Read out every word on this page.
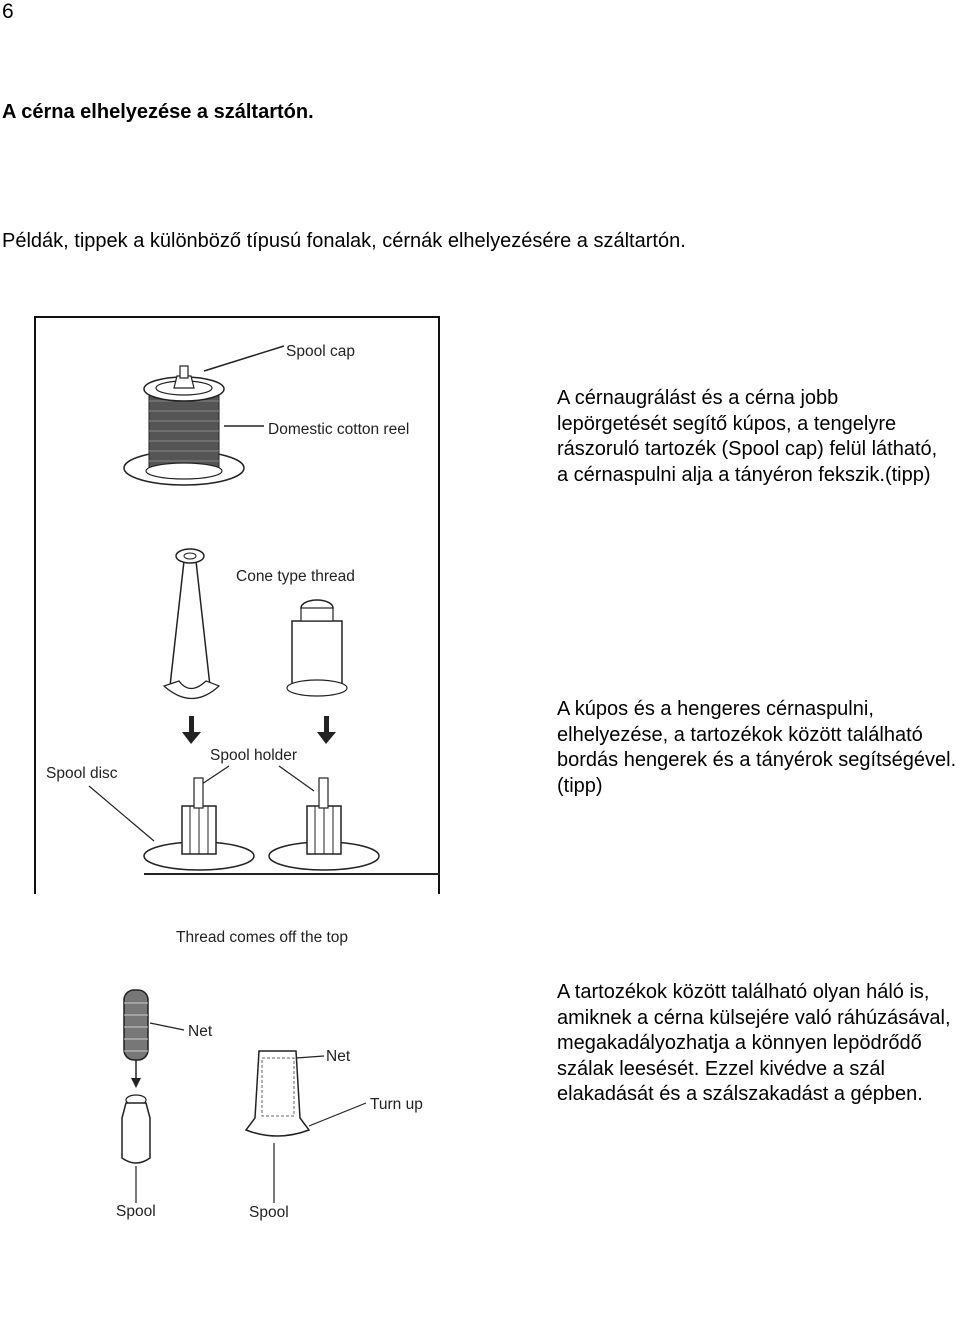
6
A cérna elhelyezése a száltartón.
Példák, tippek a különböző típusú fonalak, cérnák elhelyezésére a száltartón.
Spool cap
Domestic cotton reel
Cone type thread
Spool disc
Spool holder
Thread comes off the top
Net
Spool
Net
Turn up
Spool
A cérnaugrálást és a cérna jobb lepörgetését segítő kúpos, a tengelyre rászoruló tartozék (Spool cap) felül látható, a cérnaspulni alja a tányéron fekszik.(tipp)
A kúpos és a hengeres cérnaspulni, elhelyezése, a tartozékok között található bordás hengerek és a tányérok segítségével.(tipp)
A tartozékok között található olyan háló is, amiknek a cérna külsejére való ráhúzásával, megakadályozhatja a könnyen lepödrődő szálak leesését. Ezzel kivédve a szál elakadását és a szálszakadást a gépben.
